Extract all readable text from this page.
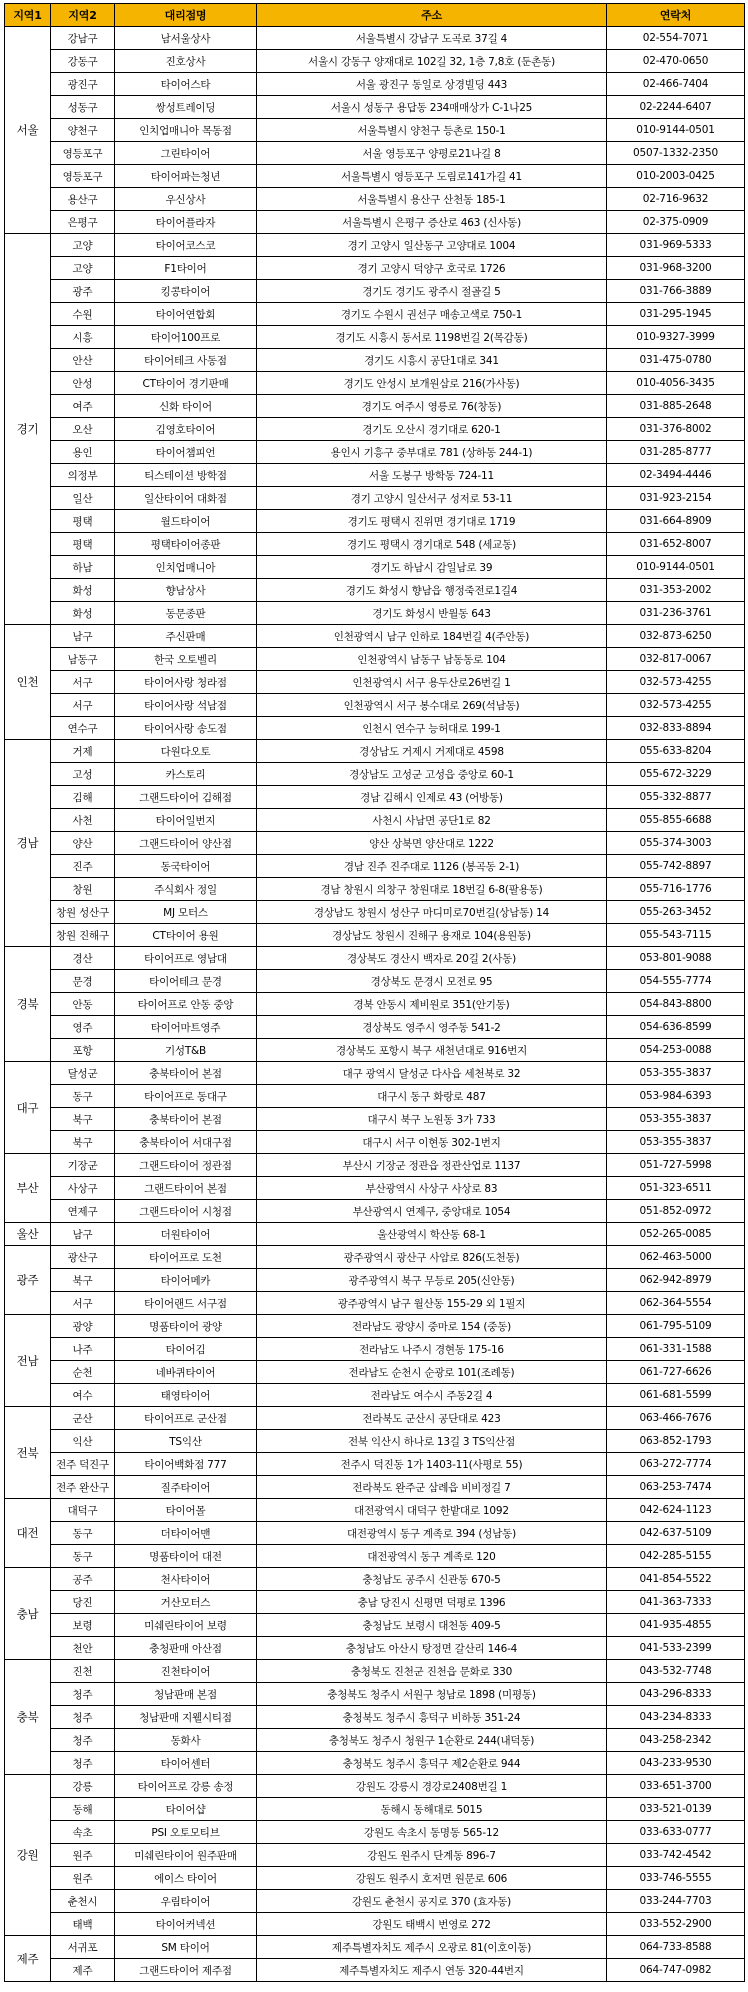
지역1	지역2	대리점명	주소	연락처
서울	강남구	남서울상사	서울특별시 강남구 도곡로 37길 4	02-554-7071
	강동구	진호상사	서울시 강동구 양재대로 102길 32, 1층 7,8호 (둔촌동)	02-470-0650
	광진구	타이어스타	서울 광진구 동일로 상경빌딩 443	02-466-7404
	성동구	쌍성트레이딩	서울시 성동구 용답동 234매매상가 C-1나25	02-2244-6407
	양천구	인치업매니아 목동점	서울특별시 양천구 등촌로 150-1	010-9144-0501
	영등포구	그린타이어	서울 영등포구 양평로21나길 8	0507-1332-2350
	영등포구	타이어파는청년	서울특별시 영등포구 도림로141가길 41	010-2003-0425
	용산구	우신상사	서울특별시 용산구 산천동 185-1	02-716-9632
	은평구	타이어플라자	서울특별시 은평구 증산로 463 (신사동)	02-375-0909
경기	고양	타이어코스코	경기 고양시 일산동구 고양대로 1004	031-969-5333
	고양	F1타이어	경기 고양시 덕양구 호국로 1726	031-968-3200
	광주	킹콩타이어	경기도 경기도 광주시 절골길 5	031-766-3889
	수원	타이어연합회	경기도 수원시 권선구 매송고색로 750-1	031-295-1945
	시흥	타이어100프로	경기도 시흥시 동서로 1198번길 2(목감동)	010-9327-3999
	안산	타이어테크 사동점	경기도 시흥시 공단1대로 341	031-475-0780
	안성	CT타이어 경기판매	경기도 안성시 보개원삼로 216(가사동)	010-4056-3435
	여주	신화 타이어	경기도 여주시 영릉로 76(창동)	031-885-2648
	오산	김영호타이어	경기도 오산시 경기대로 620-1	031-376-8002
	용인	타이어챔피언	용인시 기흥구 중부대로 781 (상하동 244-1)	031-285-8777
	의정부	티스테이션 방학점	서울 도봉구 방학동 724-11	02-3494-4446
	일산	일산타이어 대화점	경기 고양시 일산서구 성저로 53-11	031-923-2154
	평택	월드타이어	경기도 평택시 진위면 경기대로 1719	031-664-8909
	평택	평택타이어종판	경기도 평택시 경기대로 548 (세교동)	031-652-8007
	하남	인치업매니아	경기도 하남시 감일남로 39	010-9144-0501
	화성	향남상사	경기도 화성시 향남읍 행정죽전로1길4	031-353-2002
	화성	동문종판	경기도 화성시 반월동 643	031-236-3761
인천	남구	주신판매	인천광역시 남구 인하로 184번길 4(주안동)	032-873-6250
	남동구	한국 오토벨리	인천광역시 남동구 남동동로 104	032-817-0067
	서구	타이어사랑 청라점	인천광역시 서구 용두산로26번길 1	032-573-4255
	서구	타이어사랑 석남점	인천광역시 서구 봉수대로 269(석남동)	032-573-4255
	연수구	타이어사랑 송도점	인천시 연수구 능허대로 199-1	032-833-8894
경남	거제	다원다오토	경상남도 거제시 거제대로 4598	055-633-8204
	고성	카스토리	경상남도 고성군 고성읍 중앙로 60-1	055-672-3229
	김해	그랜드타이어 김해점	경남 김해시 인제로 43 (어방동)	055-332-8877
	사천	타이어일번지	사천시 사남면 공단1로 82	055-855-6688
	양산	그랜드타이어 양산점	양산 상북면 양산대로 1222	055-374-3003
	진주	동국타이어	경남 진주 진주대로 1126 (봉곡동 2-1)	055-742-8897
	창원	주식회사 정일	경남 창원시 의창구 창원대로 18번길 6-8(팔용동)	055-716-1776
	창원 성산구	MJ 모터스	경상남도 창원시 성산구 마디미로70번길(상남동) 14	055-263-3452
	창원 진해구	CT타이어 용원	경상남도 창원시 진해구 용재로 104(용원동)	055-543-7115
경북	경산	타이어프로 영남대	경상북도 경산시 백자로 20길 2(사동)	053-801-9088
	문경	타이어테크 문경	경상북도 문경시 모전로 95	054-555-7774
	안동	타이어프로 안동 중앙	경북 안동시 제비원로 351(안기동)	054-843-8800
	영주	타이어마트영주	경상북도 영주시 영주동 541-2	054-636-8599
	포항	기성T&B	경상북도 포항시 북구 새천년대로 916번지	054-253-0088
대구	달성군	충북타이어 본점	대구 광역시 달성군 다사읍 세천북로 32	053-355-3837
	동구	타이어프로 동대구	대구시 동구 화랑로 487	053-984-6393
	북구	충북타이어 본점	대구시 북구 노원동 3가 733	053-355-3837
	북구	충북타이어 서대구점	대구시 서구 이현동 302-1번지	053-355-3837
부산	기장군	그랜드타이어 정관점	부산시 기장군 정관읍 정관산업로 1137	051-727-5998
	사상구	그랜드타이어 본점	부산광역시 사상구 사상로 83	051-323-6511
	연제구	그랜드타이어 시청점	부산광역시 연제구, 중앙대로 1054	051-852-0972
울산	남구	더원타이어	울산광역시 학산동 68-1	052-265-0085
광주	광산구	타이어프로 도천	광주광역시 광산구 사암로 826(도천동)	062-463-5000
	북구	타이어메카	광주광역시 북구 무등로 205(신안동)	062-942-8979
	서구	타이어랜드 서구점	광주광역시 남구 월산동 155-29 외 1필지	062-364-5554
전남	광양	명품타이어 광양	전라남도 광양시 중마로 154 (중동)	061-795-5109
	나주	타이어김	전라남도 나주시 경현동 175-16	061-331-1588
	순천	네바퀴타이어	전라남도 순천시 순광로 101(조례동)	061-727-6626
	여수	태영타이어	전라남도 여수시 주동2길 4	061-681-5599
전북	군산	타이어프로 군산점	전라북도 군산시 공단대로 423	063-466-7676
	익산	TS익산	전북 익산시 하나로 13길 3 TS익산점	063-852-1793
	전주 덕진구	타이어백화점 777	전주시 덕진동 1가 1403-11(사평로 55)	063-272-7774
	전주 완산구	질주타이어	전라북도 완주군 삼례읍 비비정길 7	063-253-7474
대전	대덕구	타이어몰	대전광역시 대덕구 한밭대로 1092	042-624-1123
	동구	더타이어맨	대전광역시 동구 계족로 394 (성남동)	042-637-5109
	동구	명품타이어 대전	대전광역시 동구 계족로 120	042-285-5155
충남	공주	천사타이어	충청남도 공주시 신관동 670-5	041-854-5522
	당진	거산모터스	충남 당진시 신평면 덕평로 1396	041-363-7333
	보령	미쉐린타이어 보령	충청남도 보령시 대천동 409-5	041-935-4855
	천안	충청판매 아산점	충청남도 아산시 탕정면 갈산리 146-4	041-533-2399
충북	진천	진천타이어	충청북도 진천군 진천읍 문화로 330	043-532-7748
	청주	청남판매 본점	충청북도 청주시 서원구 청남로 1898 (미평동)	043-296-8333
	청주	청남판매 지웰시티점	충청북도 청주시 흥덕구 비하동 351-24	043-234-8333
	청주	동화사	충청북도 청주시 청원구 1순환로 244(내덕동)	043-258-2342
	청주	타이어센터	충청북도 청주시 흥덕구 제2순환로 944	043-233-9530
강원	강릉	타이어프로 강릉 송정	강원도 강릉시 경강로2408번길 1	033-651-3700
	동해	타이어샵	동해시 동해대로 5015	033-521-0139
	속초	PSI 오토모티브	강원도 속초시 동명동 565-12	033-633-0777
	원주	미쉐린타이어 원주판매	강원도 원주시 단계동 896-7	033-742-4542
	원주	에이스 타이어	강원도 원주시 호저면 원문로 606	033-746-5555
	춘천시	우림타이어	강원도 춘천시 공지로 370 (효자동)	033-244-7703
	태백	타이어커넥션	강원도 태백시 번영로 272	033-552-2900
제주	서귀포	SM 타이어	제주특별자치도 제주시 오광로 81(이호이동)	064-733-8588
	제주	그랜드타이어 제주점	제주특별자치도 제주시 연동 320-44번지	064-747-0982
